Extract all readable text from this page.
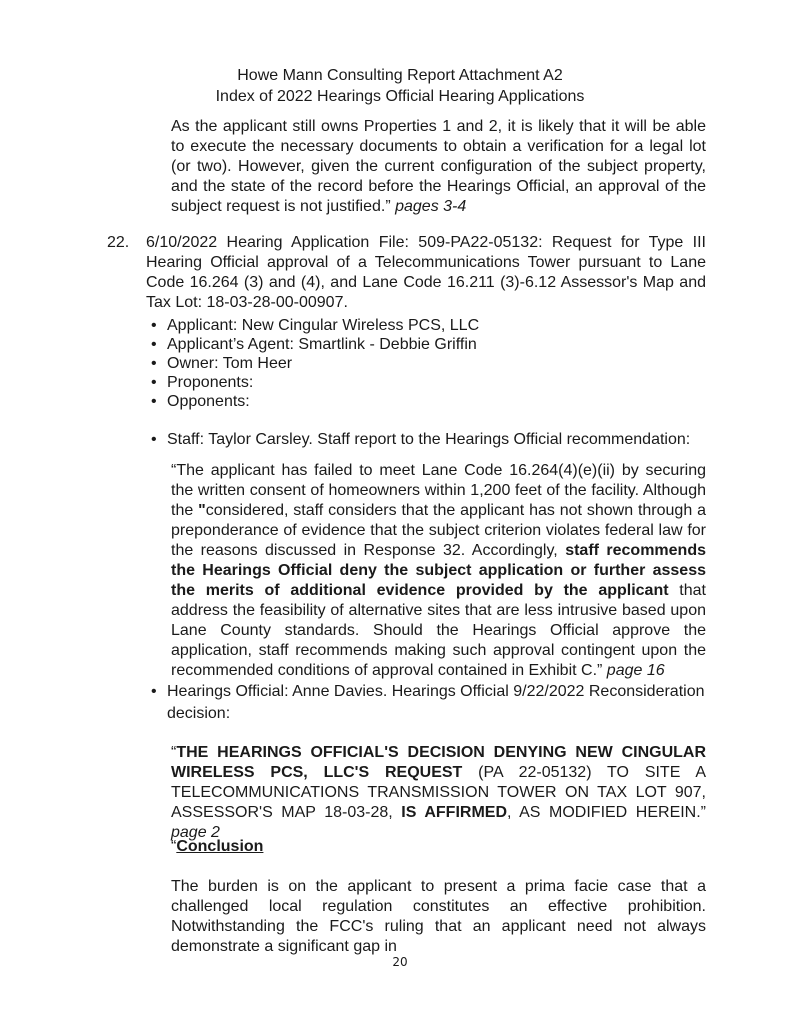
Howe Mann Consulting Report Attachment A2
Index of 2022 Hearings Official Hearing Applications
As the applicant still owns Properties 1 and 2, it is likely that it will be able to execute the necessary documents to obtain a verification for a legal lot (or two). However, given the current configuration of the subject property, and the state of the record before the Hearings Official, an approval of the subject request is not justified.” pages 3-4
22. 6/10/2022 Hearing Application File: 509-PA22-05132: Request for Type III Hearing Official approval of a Telecommunications Tower pursuant to Lane Code 16.264 (3) and (4), and Lane Code 16.211 (3)-6.12 Assessor's Map and Tax Lot: 18-03-28-00-00907.
• Applicant: New Cingular Wireless PCS, LLC
• Applicant’s Agent: Smartlink - Debbie Griffin
• Owner: Tom Heer
• Proponents:
• Opponents:
• Staff: Taylor Carsley. Staff report to the Hearings Official recommendation:
“The applicant has failed to meet Lane Code 16.264(4)(e)(ii) by securing the written consent of homeowners within 1,200 feet of the facility. Although the "considered, staff considers that the applicant has not shown through a preponderance of evidence that the subject criterion violates federal law for the reasons discussed in Response 32. Accordingly, staff recommends the Hearings Official deny the subject application or further assess the merits of additional evidence provided by the applicant that address the feasibility of alternative sites that are less intrusive based upon Lane County standards. Should the Hearings Official approve the application, staff recommends making such approval contingent upon the recommended conditions of approval contained in Exhibit C.” page 16
• Hearings Official: Anne Davies. Hearings Official 9/22/2022 Reconsideration decision:
“THE HEARINGS OFFICIAL'S DECISION DENYING NEW CINGULAR WIRELESS PCS, LLC'S REQUEST (PA 22-05132) TO SITE A TELECOMMUNICATIONS TRANSMISSION TOWER ON TAX LOT 907, ASSESSOR'S MAP 18-03-28, IS AFFIRMED, AS MODIFIED HEREIN.” page 2
“Conclusion
The burden is on the applicant to present a prima facie case that a challenged local regulation constitutes an effective prohibition. Notwithstanding the FCC's ruling that an applicant need not always demonstrate a significant gap in
20
